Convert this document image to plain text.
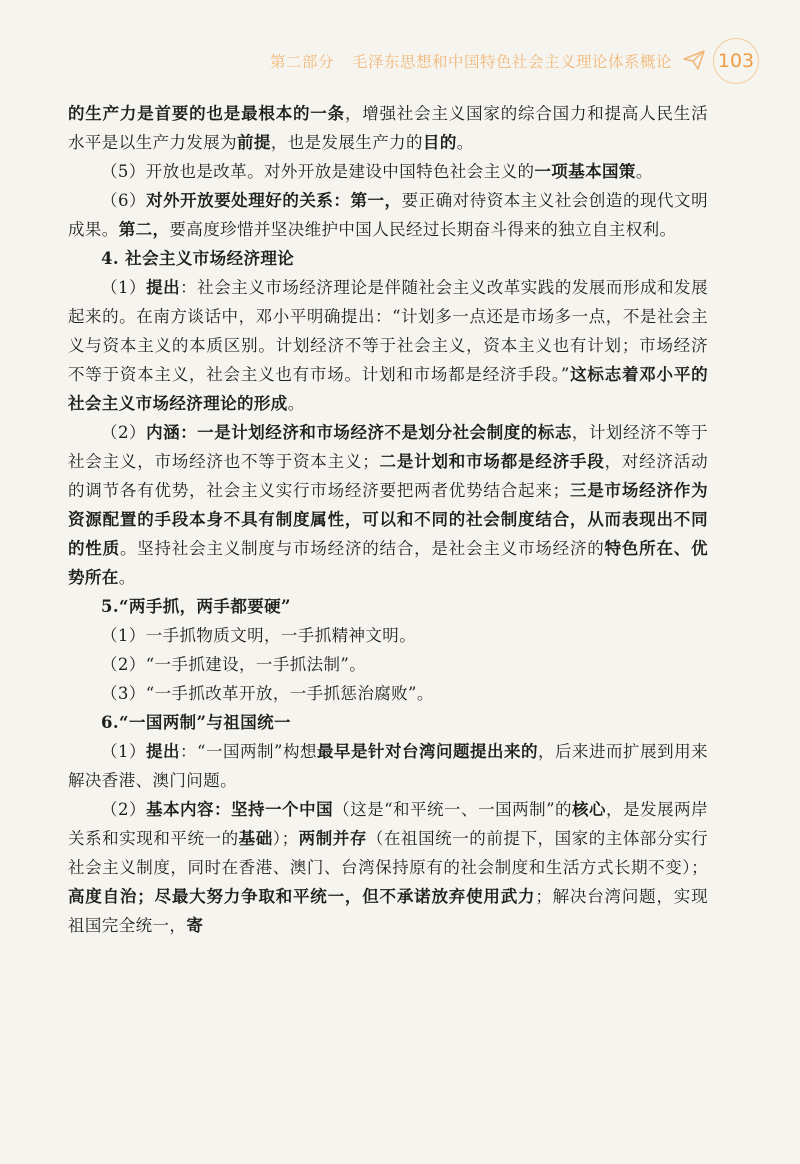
第二部分 毛泽东思想和中国特色社会主义理论体系概论 103

的生产力是首要的也是最根本的一条，增强社会主义国家的综合国力和提高人民生活水平是以生产力发展为前提，也是发展生产力的目的。

（5）开放也是改革。对外开放是建设中国特色社会主义的一项基本国策。

（6）对外开放要处理好的关系：第一，要正确对待资本主义社会创造的现代文明成果。第二，要高度珍惜并坚决维护中国人民经过长期奋斗得来的独立自主权利。

4. 社会主义市场经济理论

（1）提出：社会主义市场经济理论是伴随社会主义改革实践的发展而形成和发展起来的。在南方谈话中，邓小平明确提出：“计划多一点还是市场多一点，不是社会主义与资本主义的本质区别。计划经济不等于社会主义，资本主义也有计划；市场经济不等于资本主义，社会主义也有市场。计划和市场都是经济手段。”这标志着邓小平的社会主义市场经济理论的形成。

（2）内涵：一是计划经济和市场经济不是划分社会制度的标志，计划经济不等于社会主义，市场经济也不等于资本主义；二是计划和市场都是经济手段，对经济活动的调节各有优势，社会主义实行市场经济要把两者优势结合起来；三是市场经济作为资源配置的手段本身不具有制度属性，可以和不同的社会制度结合，从而表现出不同的性质。坚持社会主义制度与市场经济的结合，是社会主义市场经济的特色所在、优势所在。

5.“两手抓，两手都要硬”

（1）一手抓物质文明，一手抓精神文明。

（2）“一手抓建设，一手抓法制”。

（3）“一手抓改革开放，一手抓惩治腐败”。

6.“一国两制”与祖国统一

（1）提出：“一国两制”构想最早是针对台湾问题提出来的，后来进而扩展到用来解决香港、澳门问题。

（2）基本内容：坚持一个中国（这是“和平统一、一国两制”的核心，是发展两岸关系和实现和平统一的基础）；两制并存（在祖国统一的前提下，国家的主体部分实行社会主义制度，同时在香港、澳门、台湾保持原有的社会制度和生活方式长期不变）；高度自治；尽最大努力争取和平统一，但不承诺放弃使用武力；解决台湾问题，实现祖国完全统一，寄
